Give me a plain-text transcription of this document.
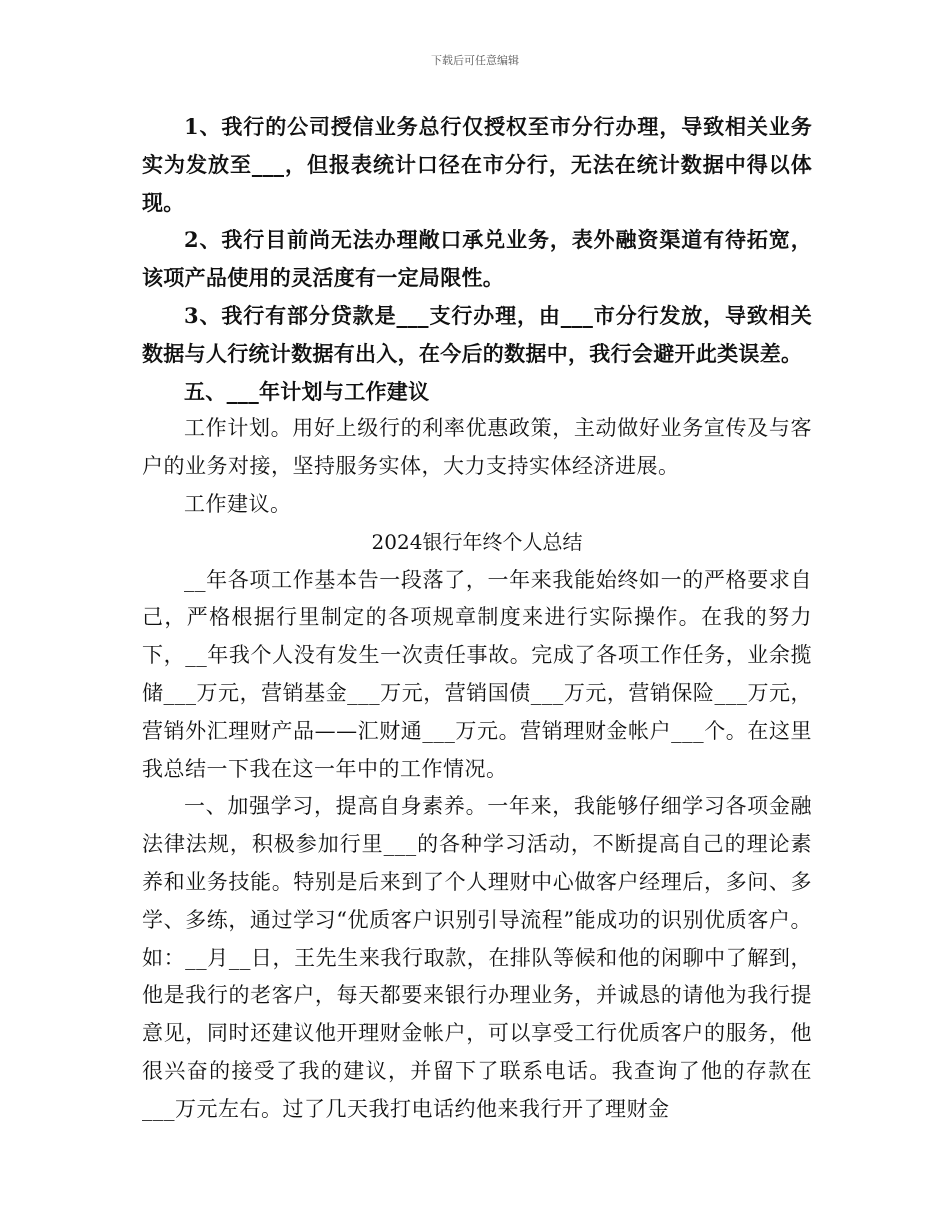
下载后可任意编辑

1、我行的公司授信业务总行仅授权至市分行办理，导致相关业务实为发放至___，但报表统计口径在市分行，无法在统计数据中得以体现。

2、我行目前尚无法办理敞口承兑业务，表外融资渠道有待拓宽，该项产品使用的灵活度有一定局限性。

3、我行有部分贷款是___支行办理，由___市分行发放，导致相关数据与人行统计数据有出入，在今后的数据中，我行会避开此类误差。

五、___年计划与工作建议

工作计划。用好上级行的利率优惠政策，主动做好业务宣传及与客户的业务对接，坚持服务实体，大力支持实体经济进展。

工作建议。

2024银行年终个人总结

__年各项工作基本告一段落了，一年来我能始终如一的严格要求自己，严格根据行里制定的各项规章制度来进行实际操作。在我的努力下，__年我个人没有发生一次责任事故。完成了各项工作任务，业余揽储___万元，营销基金___万元，营销国债___万元，营销保险___万元，营销外汇理财产品——汇财通___万元。营销理财金帐户___个。在这里我总结一下我在这一年中的工作情况。

一、加强学习，提高自身素养。一年来，我能够仔细学习各项金融法律法规，积极参加行里___的各种学习活动，不断提高自己的理论素养和业务技能。特别是后来到了个人理财中心做客户经理后，多问、多学、多练，通过学习“优质客户识别引导流程”能成功的识别优质客户。如：__月__日，王先生来我行取款，在排队等候和他的闲聊中了解到，他是我行的老客户，每天都要来银行办理业务，并诚恳的请他为我行提意见，同时还建议他开理财金帐户，可以享受工行优质客户的服务，他很兴奋的接受了我的建议，并留下了联系电话。我查询了他的存款在___万元左右。过了几天我打电话约他来我行开了理财金
